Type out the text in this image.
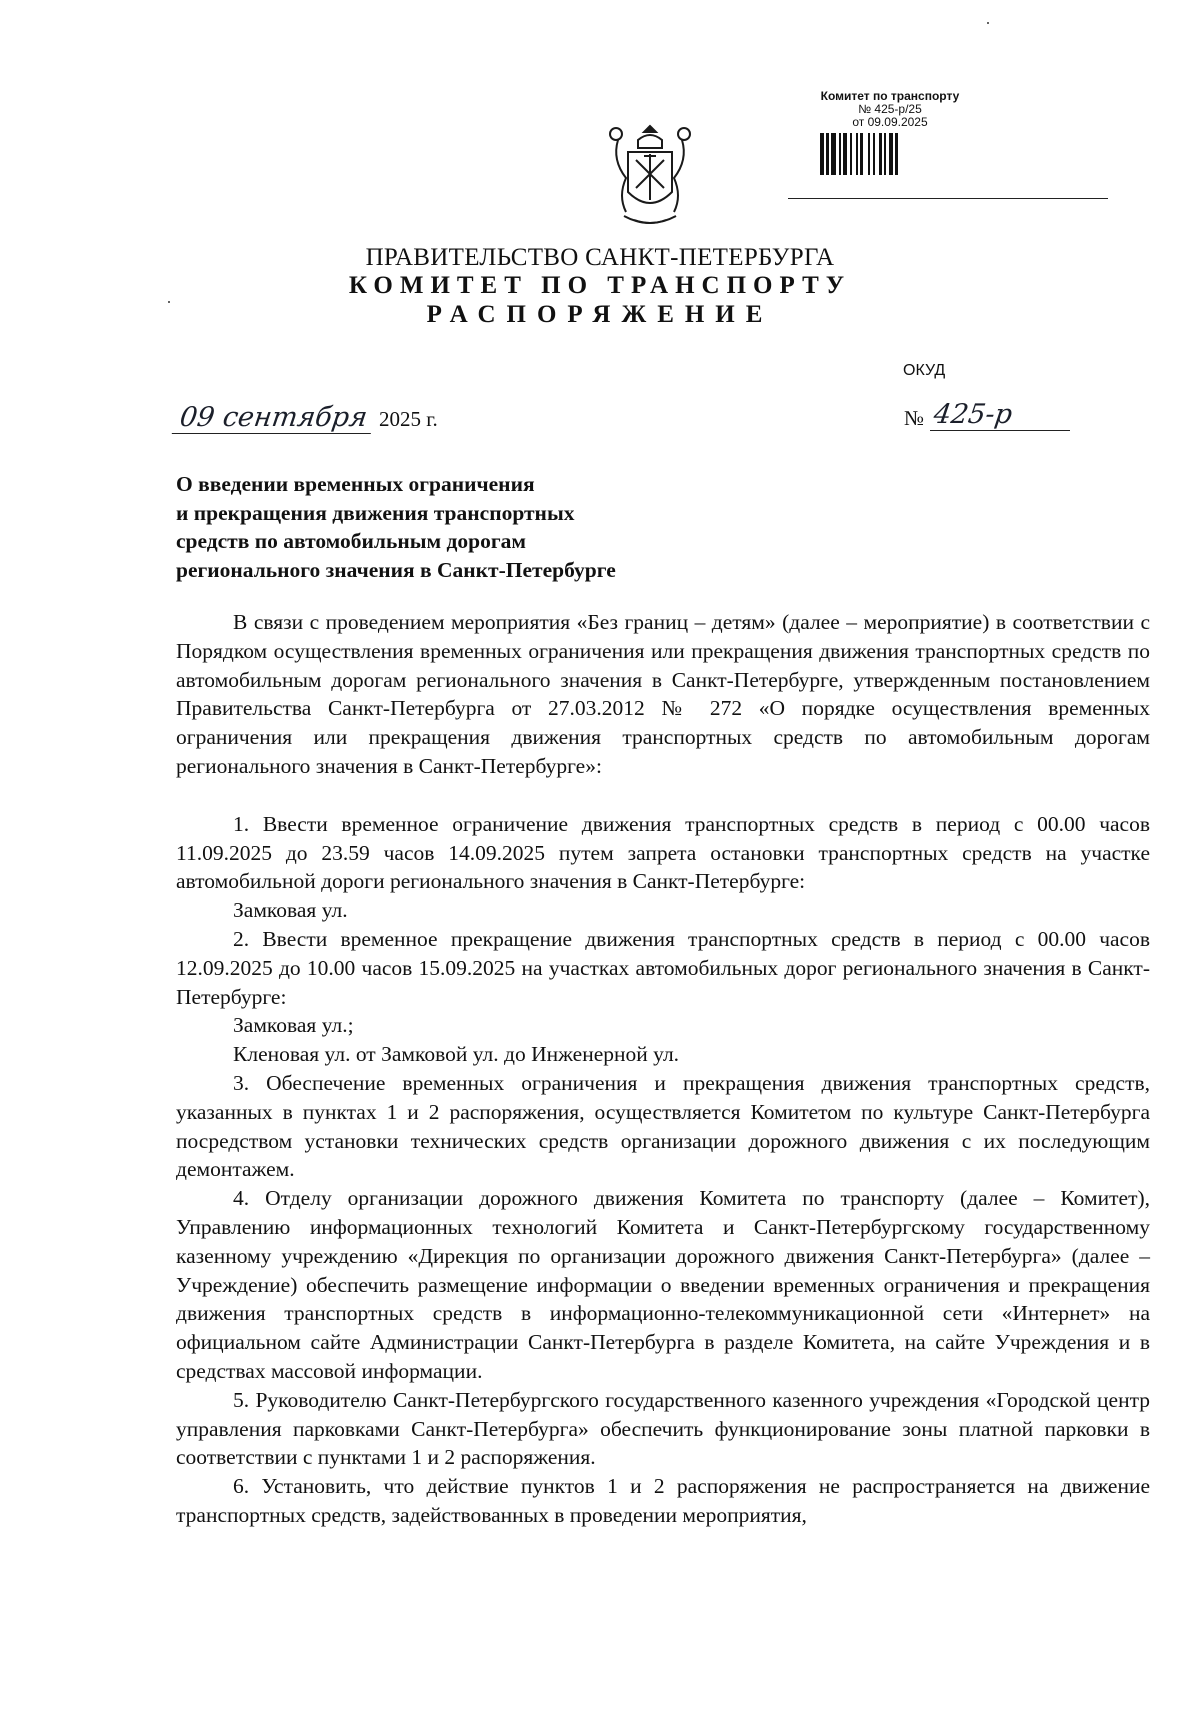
Комитет по транспорту
№ 425-р/25
от 09.09.2025
ПРАВИТЕЛЬСТВО САНКТ-ПЕТЕРБУРГА
КОМИТЕТ ПО ТРАНСПОРТУ
РАСПОРЯЖЕНИЕ
ОКУД
09 сентября 2025 г.	№ 425-р
О введении временных ограничения
и прекращения движения транспортных
средств по автомобильным дорогам
регионального значения в Санкт-Петербурге

В связи с проведением мероприятия «Без границ – детям» (далее – мероприятие) в соответствии с Порядком осуществления временных ограничения или прекращения движения транспортных средств по автомобильным дорогам регионального значения в Санкт-Петербурге, утвержденным постановлением Правительства Санкт-Петербурга от 27.03.2012 № 272 «О порядке осуществления временных ограничения или прекращения движения транспортных средств по автомобильным дорогам регионального значения в Санкт-Петербурге»:

1. Ввести временное ограничение движения транспортных средств в период с 00.00 часов 11.09.2025 до 23.59 часов 14.09.2025 путем запрета остановки транспортных средств на участке автомобильной дороги регионального значения в Санкт-Петербурге:

Замковая ул.

2. Ввести временное прекращение движения транспортных средств в период с 00.00 часов 12.09.2025 до 10.00 часов 15.09.2025 на участках автомобильных дорог регионального значения в Санкт-Петербурге:

Замковая ул.;

Кленовая ул. от Замковой ул. до Инженерной ул.

3. Обеспечение временных ограничения и прекращения движения транспортных средств, указанных в пунктах 1 и 2 распоряжения, осуществляется Комитетом по культуре Санкт-Петербурга посредством установки технических средств организации дорожного движения с их последующим демонтажем.

4. Отделу организации дорожного движения Комитета по транспорту (далее – Комитет), Управлению информационных технологий Комитета и Санкт-Петербургскому государственному казенному учреждению «Дирекция по организации дорожного движения Санкт-Петербурга» (далее – Учреждение) обеспечить размещение информации о введении временных ограничения и прекращения движения транспортных средств в информационно-телекоммуникационной сети «Интернет» на официальном сайте Администрации Санкт-Петербурга в разделе Комитета, на сайте Учреждения и в средствах массовой информации.

5. Руководителю Санкт-Петербургского государственного казенного учреждения «Городской центр управления парковками Санкт-Петербурга» обеспечить функционирование зоны платной парковки в соответствии с пунктами 1 и 2 распоряжения.

6. Установить, что действие пунктов 1 и 2 распоряжения не распространяется на движение транспортных средств, задействованных в проведении мероприятия,
